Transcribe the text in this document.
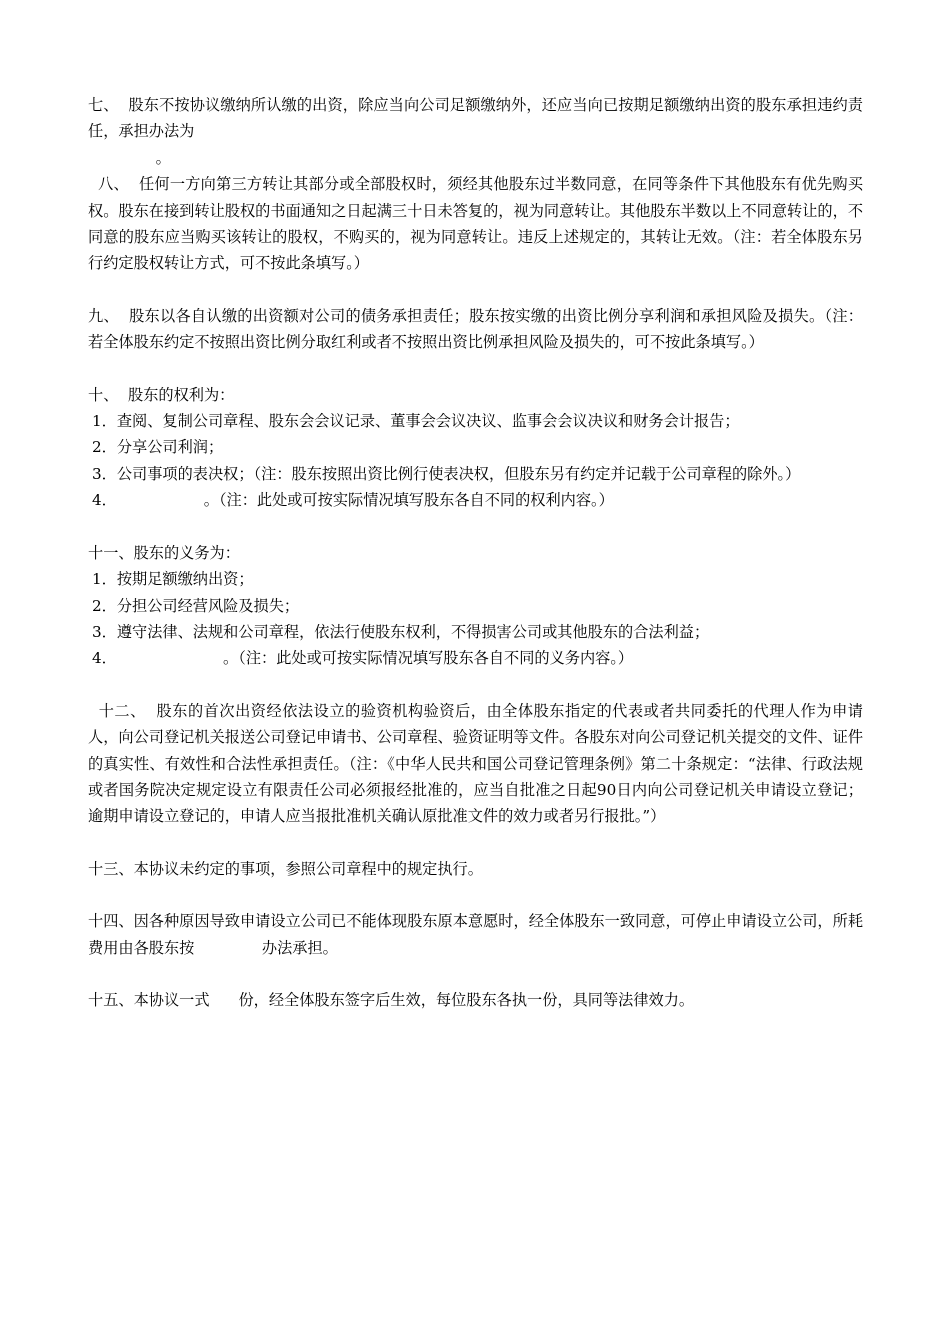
七、  股东不按协议缴纳所认缴的出资，除应当向公司足额缴纳外，还应当向已按期足额缴纳出资的股东承担违约责任，承担办法为

。

八、  任何一方向第三方转让其部分或全部股权时，须经其他股东过半数同意，在同等条件下其他股东有优先购买权。股东在接到转让股权的书面通知之日起满三十日未答复的，视为同意转让。其他股东半数以上不同意转让的，不同意的股东应当购买该转让的股权，不购买的，视为同意转让。违反上述规定的，其转让无效。（注：若全体股东另行约定股权转让方式，可不按此条填写。）

九、  股东以各自认缴的出资额对公司的债务承担责任；股东按实缴的出资比例分享利润和承担风险及损失。（注：若全体股东约定不按照出资比例分取红利或者不按照出资比例承担风险及损失的，可不按此条填写。）

十、  股东的权利为：

1．查阅、复制公司章程、股东会会议记录、董事会会议决议、监事会会议决议和财务会计报告；

2．分享公司利润；

3．公司事项的表决权；（注：股东按照出资比例行使表决权，但股东另有约定并记载于公司章程的除外。）

4．                  。（注：此处或可按实际情况填写股东各自不同的权利内容。）

十一、股东的义务为：

1．按期足额缴纳出资；

2．分担公司经营风险及损失；

3．遵守法律、法规和公司章程，依法行使股东权利，不得损害公司或其他股东的合法利益；

4．                      。（注：此处或可按实际情况填写股东各自不同的义务内容。）

十二、  股东的首次出资经依法设立的验资机构验资后，由全体股东指定的代表或者共同委托的代理人作为申请人，向公司登记机关报送公司登记申请书、公司章程、验资证明等文件。各股东对向公司登记机关提交的文件、证件的真实性、有效性和合法性承担责任。（注：《中华人民共和国公司登记管理条例》第二十条规定：“法律、行政法规或者国务院决定规定设立有限责任公司必须报经批准的，应当自批准之日起90日内向公司登记机关申请设立登记；逾期申请设立登记的，申请人应当报批准机关确认原批准文件的效力或者另行报批。”）

十三、本协议未约定的事项，参照公司章程中的规定执行。

十四、因各种原因导致申请设立公司已不能体现股东原本意愿时，经全体股东一致同意，可停止申请设立公司，所耗费用由各股东按              办法承担。

十五、本协议一式      份，经全体股东签字后生效，每位股东各执一份，具同等法律效力。
